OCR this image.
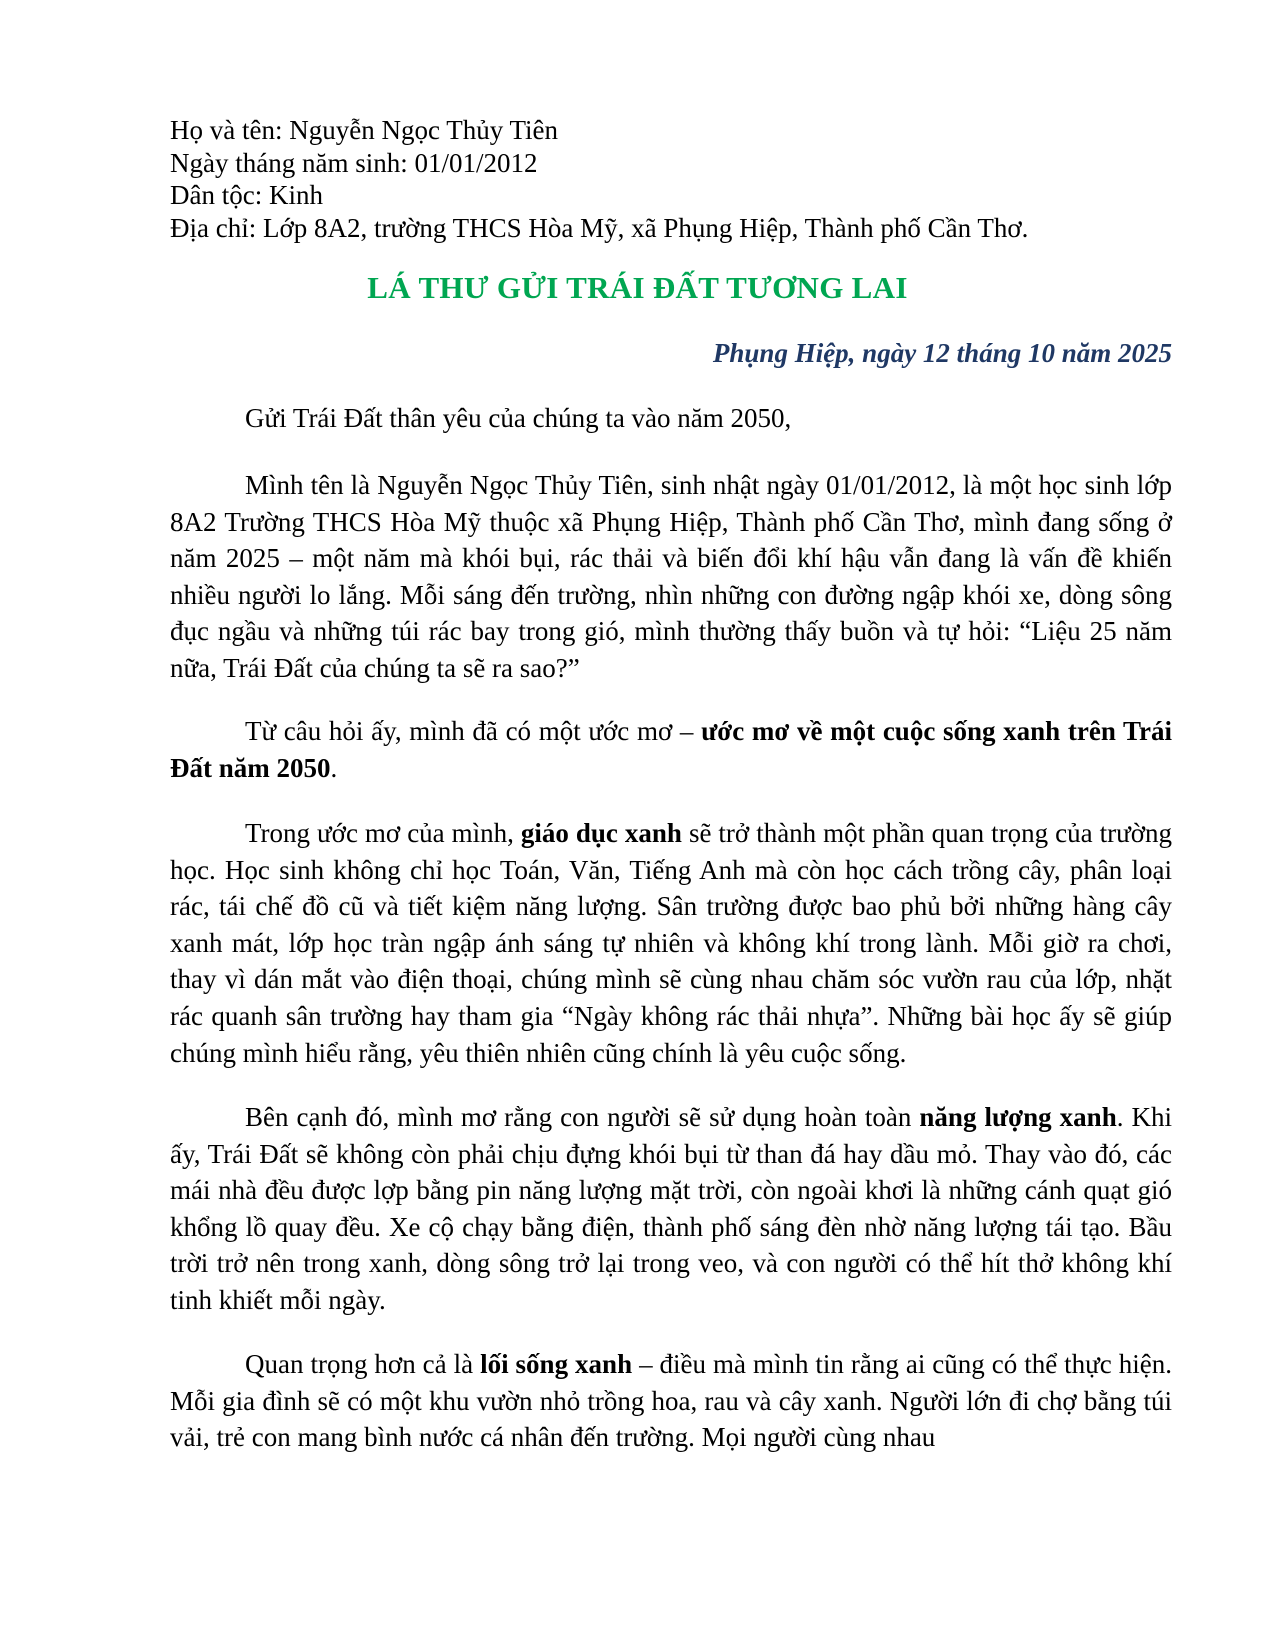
Họ và tên: Nguyễn Ngọc Thủy Tiên
Ngày tháng năm sinh: 01/01/2012
Dân tộc: Kinh
Địa chỉ: Lớp 8A2, trường THCS Hòa Mỹ, xã Phụng Hiệp, Thành phố Cần Thơ.
LÁ THƯ GỬI TRÁI ĐẤT TƯƠNG LAI
Phụng Hiệp, ngày 12 tháng 10 năm 2025
Gửi Trái Đất thân yêu của chúng ta vào năm 2050,
Mình tên là Nguyễn Ngọc Thủy Tiên, sinh nhật ngày 01/01/2012, là một học sinh lớp 8A2 Trường THCS Hòa Mỹ thuộc xã Phụng Hiệp, Thành phố Cần Thơ, mình đang sống ở năm 2025 – một năm mà khói bụi, rác thải và biến đổi khí hậu vẫn đang là vấn đề khiến nhiều người lo lắng. Mỗi sáng đến trường, nhìn những con đường ngập khói xe, dòng sông đục ngầu và những túi rác bay trong gió, mình thường thấy buồn và tự hỏi: “Liệu 25 năm nữa, Trái Đất của chúng ta sẽ ra sao?”
Từ câu hỏi ấy, mình đã có một ước mơ – ước mơ về một cuộc sống xanh trên Trái Đất năm 2050.
Trong ước mơ của mình, giáo dục xanh sẽ trở thành một phần quan trọng của trường học. Học sinh không chỉ học Toán, Văn, Tiếng Anh mà còn học cách trồng cây, phân loại rác, tái chế đồ cũ và tiết kiệm năng lượng. Sân trường được bao phủ bởi những hàng cây xanh mát, lớp học tràn ngập ánh sáng tự nhiên và không khí trong lành. Mỗi giờ ra chơi, thay vì dán mắt vào điện thoại, chúng mình sẽ cùng nhau chăm sóc vườn rau của lớp, nhặt rác quanh sân trường hay tham gia “Ngày không rác thải nhựa”. Những bài học ấy sẽ giúp chúng mình hiểu rằng, yêu thiên nhiên cũng chính là yêu cuộc sống.
Bên cạnh đó, mình mơ rằng con người sẽ sử dụng hoàn toàn năng lượng xanh. Khi ấy, Trái Đất sẽ không còn phải chịu đựng khói bụi từ than đá hay dầu mỏ. Thay vào đó, các mái nhà đều được lợp bằng pin năng lượng mặt trời, còn ngoài khơi là những cánh quạt gió khổng lồ quay đều. Xe cộ chạy bằng điện, thành phố sáng đèn nhờ năng lượng tái tạo. Bầu trời trở nên trong xanh, dòng sông trở lại trong veo, và con người có thể hít thở không khí tinh khiết mỗi ngày.
Quan trọng hơn cả là lối sống xanh – điều mà mình tin rằng ai cũng có thể thực hiện. Mỗi gia đình sẽ có một khu vườn nhỏ trồng hoa, rau và cây xanh. Người lớn đi chợ bằng túi vải, trẻ con mang bình nước cá nhân đến trường. Mọi người cùng nhau
